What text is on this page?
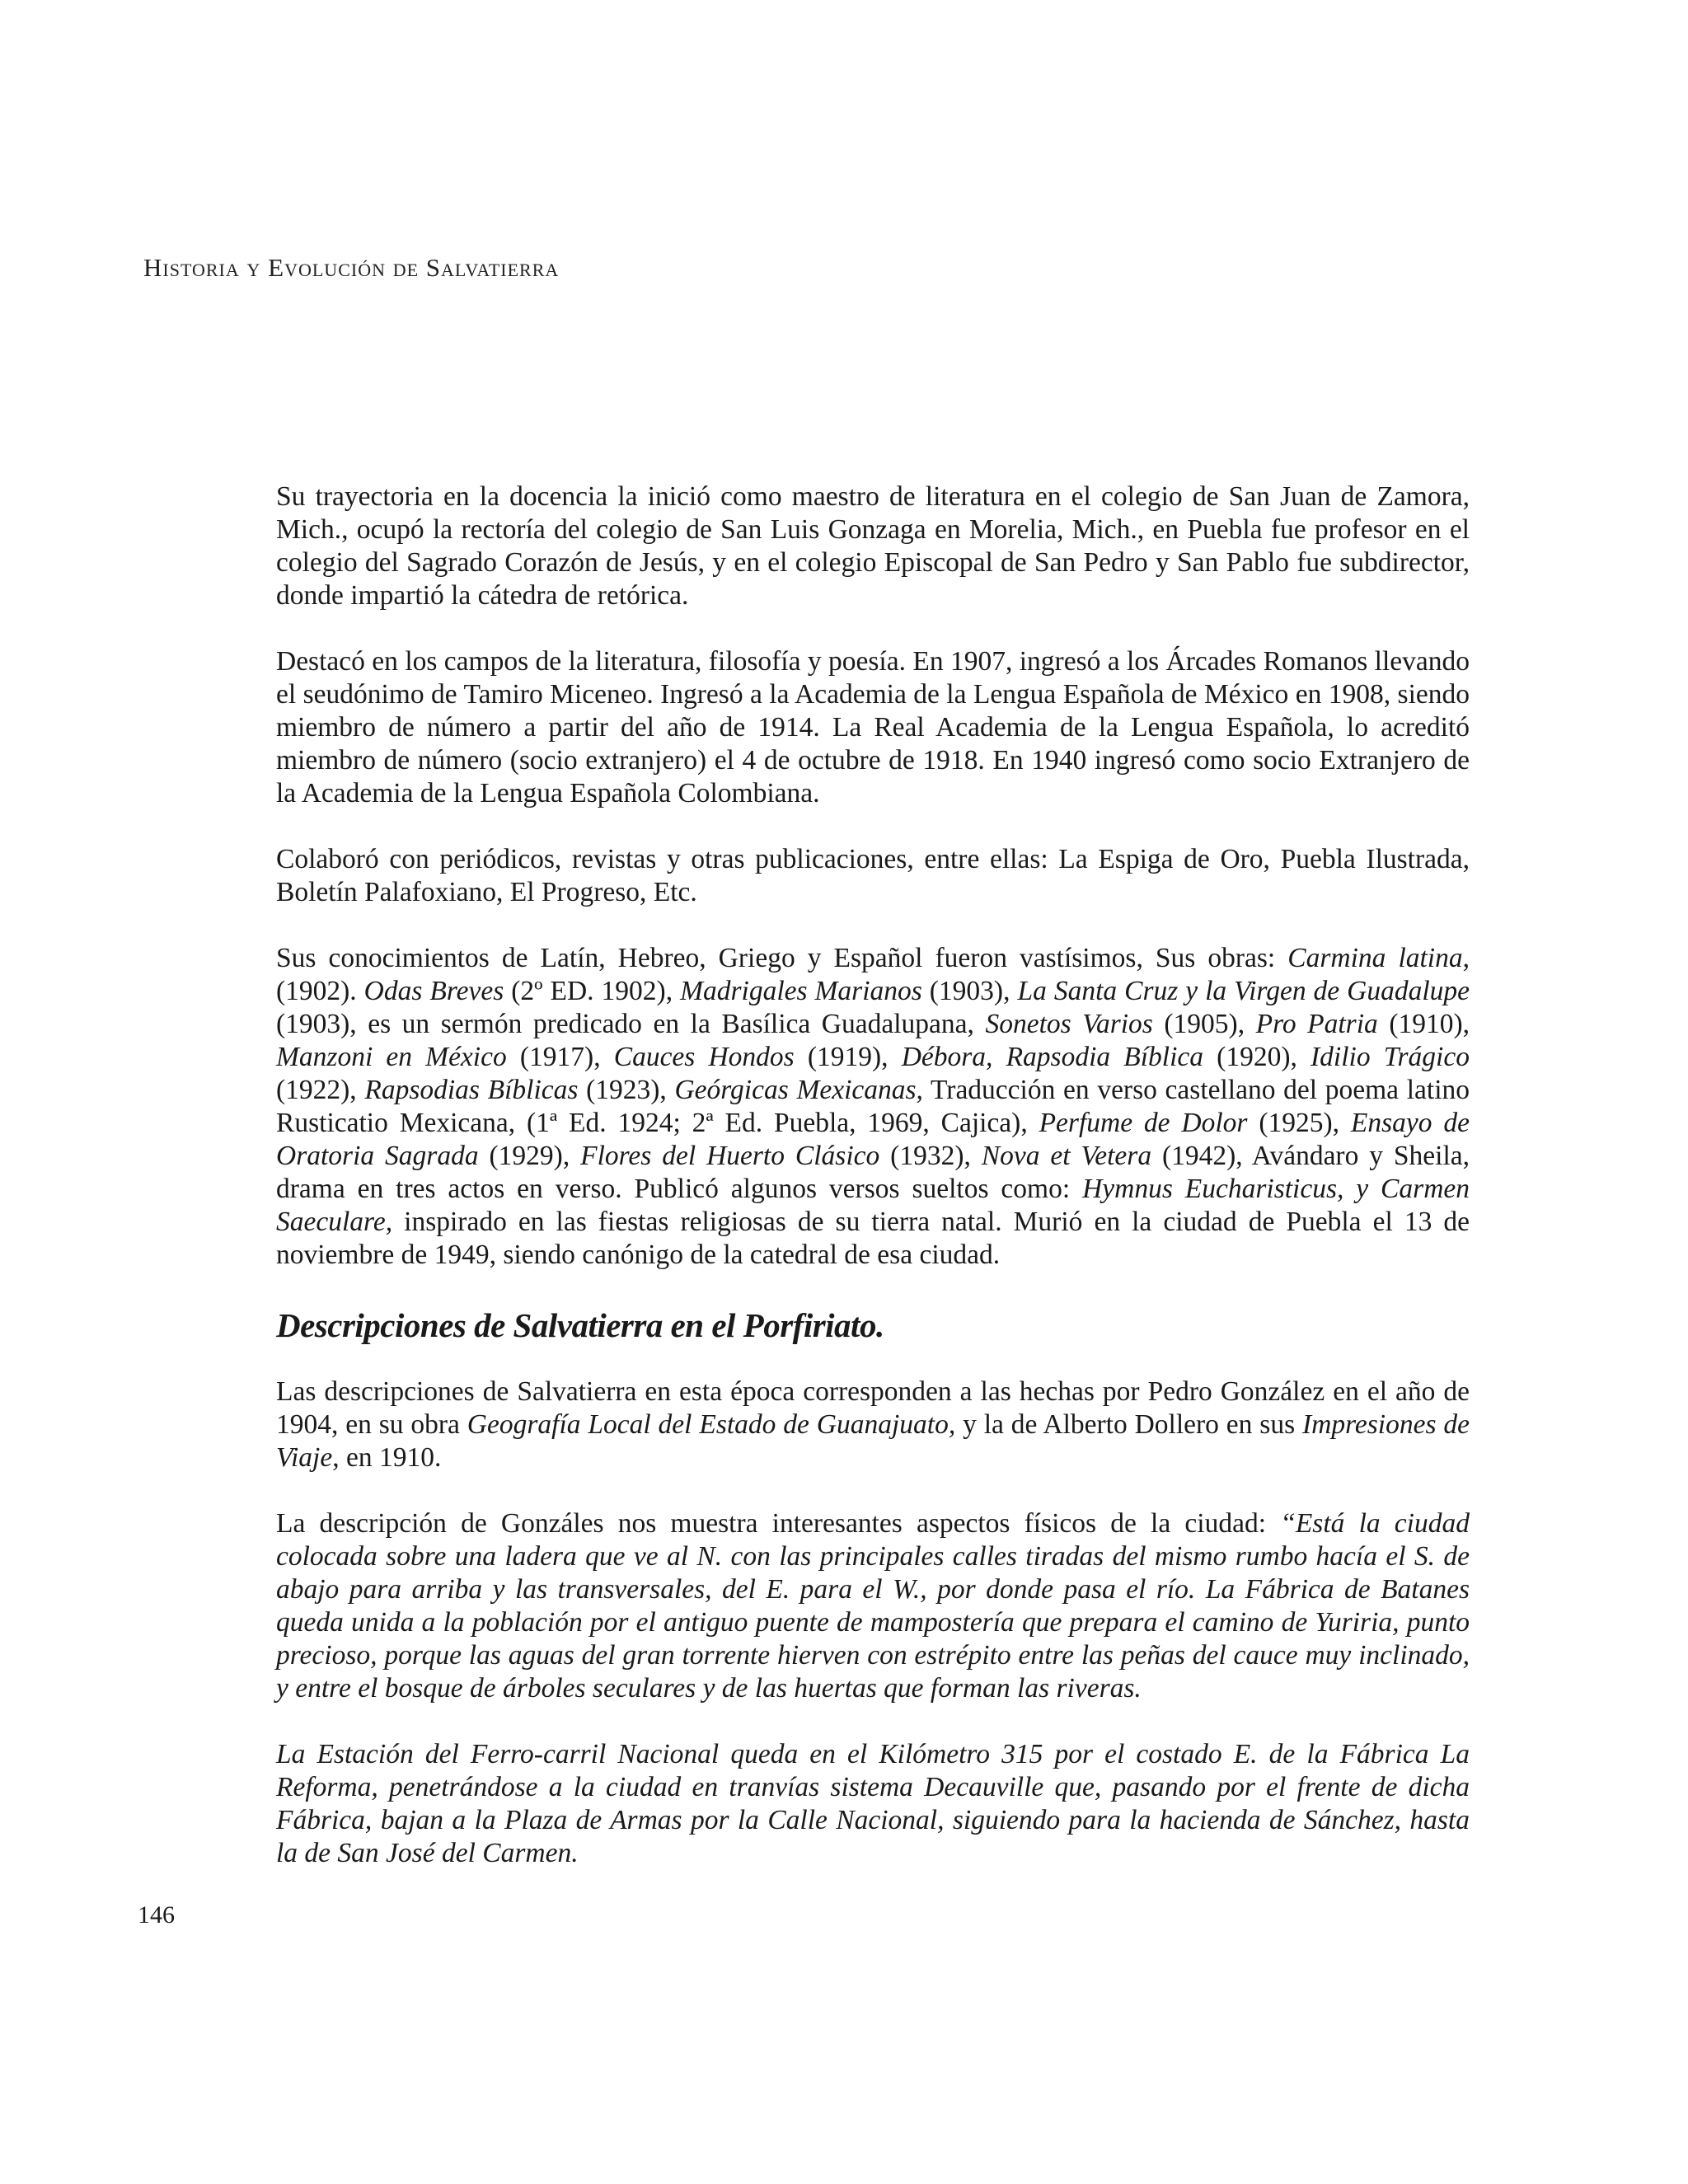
Historia y Evolución de Salvatierra

Su trayectoria en la docencia la inició como maestro de literatura en el colegio de San Juan de Zamora, Mich., ocupó la rectoría del colegio de San Luis Gonzaga en Morelia, Mich., en Puebla fue profesor en el colegio del Sagrado Corazón de Jesús, y en el colegio Episcopal de San Pedro y San Pablo fue subdirector, donde impartió la cátedra de retórica.

Destacó en los campos de la literatura, filosofía y poesía. En 1907, ingresó a los Árcades Romanos llevando el seudónimo de Tamiro Miceneo. Ingresó a la Academia de la Lengua Española de México en 1908, siendo miembro de número a partir del año de 1914. La Real Academia de la Lengua Española, lo acreditó miembro de número (socio extranjero) el 4 de octubre de 1918. En 1940 ingresó como socio Extranjero de la Academia de la Lengua Española Colombiana.

Colaboró con periódicos, revistas y otras publicaciones, entre ellas: La Espiga de Oro, Puebla Ilustrada, Boletín Palafoxiano, El Progreso, Etc.

Sus conocimientos de Latín, Hebreo, Griego y Español fueron vastísimos, Sus obras: Carmina latina, (1902). Odas Breves (2º ED. 1902), Madrigales Marianos (1903), La Santa Cruz y la Virgen de Guadalupe (1903), es un sermón predicado en la Basílica Guadalupana, Sonetos Varios (1905), Pro Patria (1910), Manzoni en México (1917), Cauces Hondos (1919), Débora, Rapsodia Bíblica (1920), Idilio Trágico (1922), Rapsodias Bíblicas (1923), Geórgicas Mexicanas, Traducción en verso castellano del poema latino Rusticatio Mexicana, (1ª Ed. 1924; 2ª Ed. Puebla, 1969, Cajica), Perfume de Dolor (1925), Ensayo de Oratoria Sagrada (1929), Flores del Huerto Clásico (1932), Nova et Vetera (1942), Avándaro y Sheila, drama en tres actos en verso. Publicó algunos versos sueltos como: Hymnus Eucharisticus, y Carmen Saeculare, inspirado en las fiestas religiosas de su tierra natal. Murió en la ciudad de Puebla el 13 de noviembre de 1949, siendo canónigo de la catedral de esa ciudad.

Descripciones de Salvatierra en el Porfiriato.

Las descripciones de Salvatierra en esta época corresponden a las hechas por Pedro González en el año de 1904, en su obra Geografía Local del Estado de Guanajuato, y la de Alberto Dollero en sus Impresiones de Viaje, en 1910.

La descripción de Gonzáles nos muestra interesantes aspectos físicos de la ciudad: “Está la ciudad colocada sobre una ladera que ve al N. con las principales calles tiradas del mismo rumbo hacía el S. de abajo para arriba y las transversales, del E. para el W., por donde pasa el río. La Fábrica de Batanes queda unida a la población por el antiguo puente de mampostería que prepara el camino de Yuriria, punto precioso, porque las aguas del gran torrente hierven con estrépito entre las peñas del cauce muy inclinado, y entre el bosque de árboles seculares y de las huertas que forman las riveras.

La Estación del Ferro-carril Nacional queda en el Kilómetro 315 por el costado E. de la Fábrica La Reforma, penetrándose a la ciudad en tranvías sistema Decauville que, pasando por el frente de dicha Fábrica, bajan a la Plaza de Armas por la Calle Nacional, siguiendo para la hacienda de Sánchez, hasta la de San José del Carmen.

146
